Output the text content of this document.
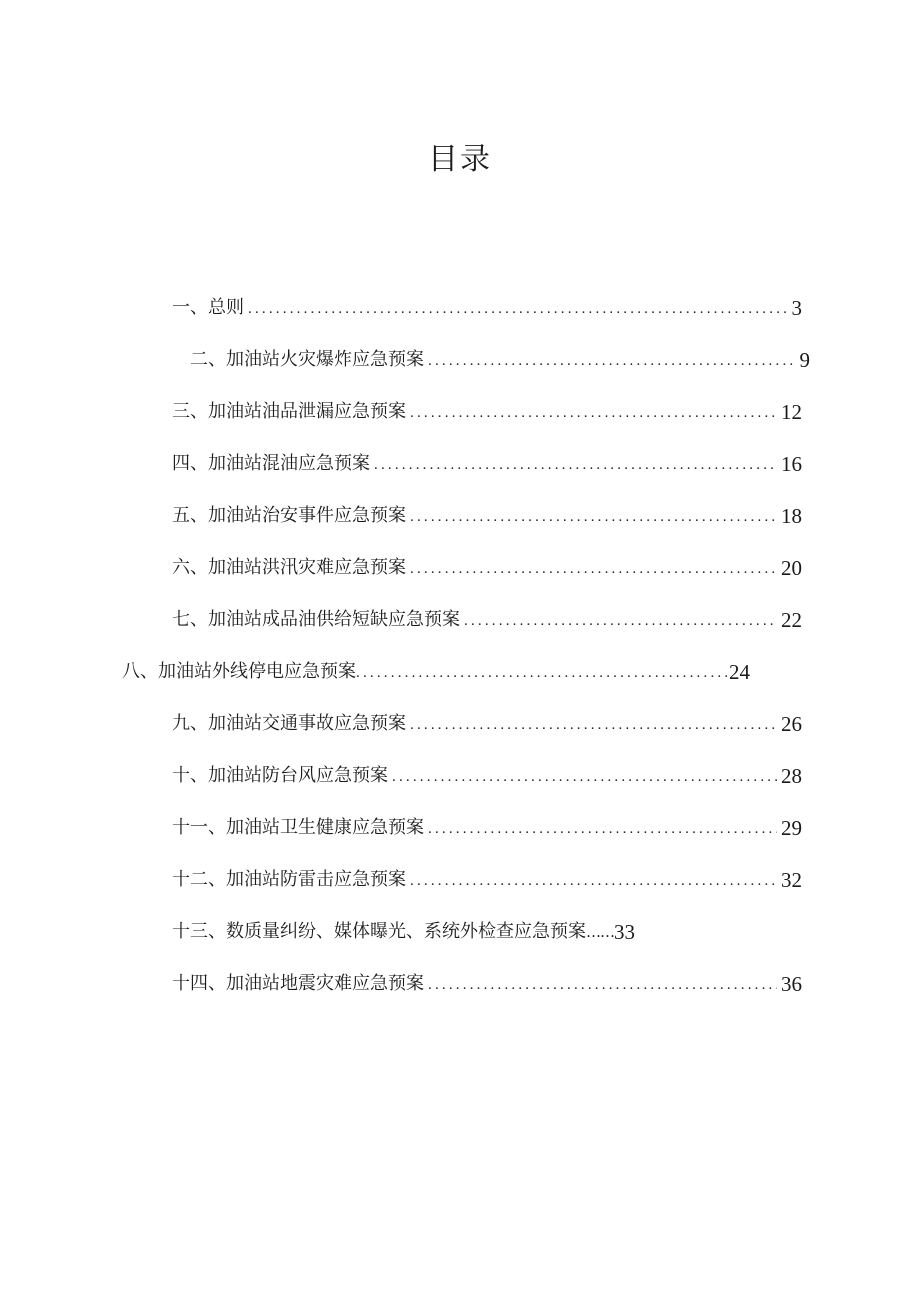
目录
一、总则 .....	3
二、加油站火灾爆炸应急预案 .....	9
三、加油站油品泄漏应急预案 .....	12
四、加油站混油应急预案 .....	16
五、加油站治安事件应急预案 .....	18
六、加油站洪汛灾难应急预案 .....	20
七、加油站成品油供给短缺应急预案 .....	22
八、加油站外线停电应急预案 .....	24
九、加油站交通事故应急预案 .....	26
十、加油站防台风应急预案 .....	28
十一、加油站卫生健康应急预案 .....	29
十二、加油站防雷击应急预案 .....	32
十三、数质量纠纷、媒体曝光、系统外检查应急预案 …… 33
十四、加油站地震灾难应急预案 .....	36
